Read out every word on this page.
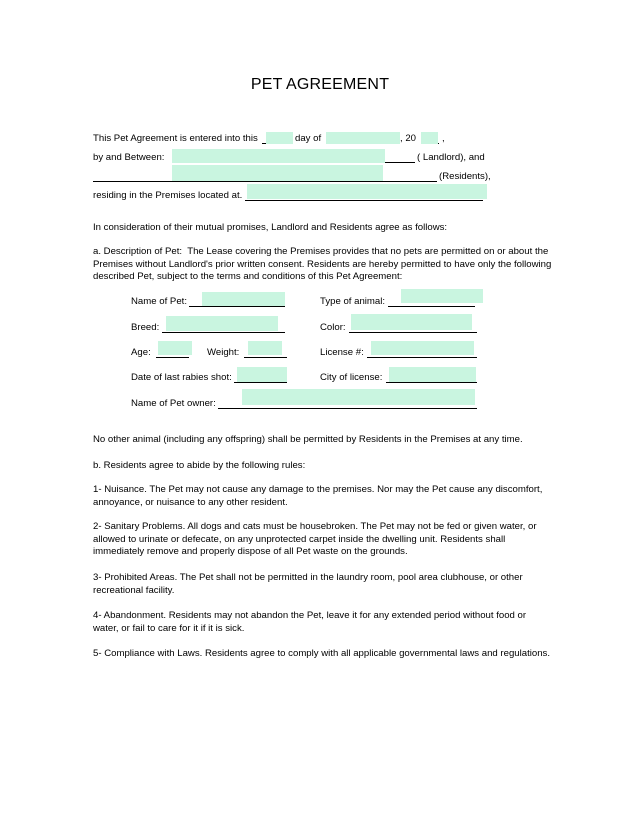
PET AGREEMENT
This Pet Agreement is entered into this	day of	, 20	,
by and Between:	( Landlord), and
(Residents),
residing in the Premises located at.
In consideration of their mutual promises, Landlord and Residents agree as follows:
a. Description of Pet: The Lease covering the Premises provides that no pets are permitted on or about the Premises without Landlord's prior written consent. Residents are hereby permitted to have only the following described Pet, subject to the terms and conditions of this Pet Agreement:
Name of Pet:	Type of animal:
Breed:	Color:
Age:	Weight:	License #:
Date of last rabies shot:	City of license:
Name of Pet owner:
No other animal (including any offspring) shall be permitted by Residents in the Premises at any time.
b. Residents agree to abide by the following rules:
1- Nuisance. The Pet may not cause any damage to the premises. Nor may the Pet cause any discomfort, annoyance, or nuisance to any other resident.
2- Sanitary Problems. All dogs and cats must be housebroken. The Pet may not be fed or given water, or allowed to urinate or defecate, on any unprotected carpet inside the dwelling unit. Residents shall immediately remove and properly dispose of all Pet waste on the grounds.
3- Prohibited Areas. The Pet shall not be permitted in the laundry room, pool area clubhouse, or other recreational facility.
4- Abandonment. Residents may not abandon the Pet, leave it for any extended period without food or water, or fail to care for it if it is sick.
5- Compliance with Laws. Residents agree to comply with all applicable governmental laws and regulations.
